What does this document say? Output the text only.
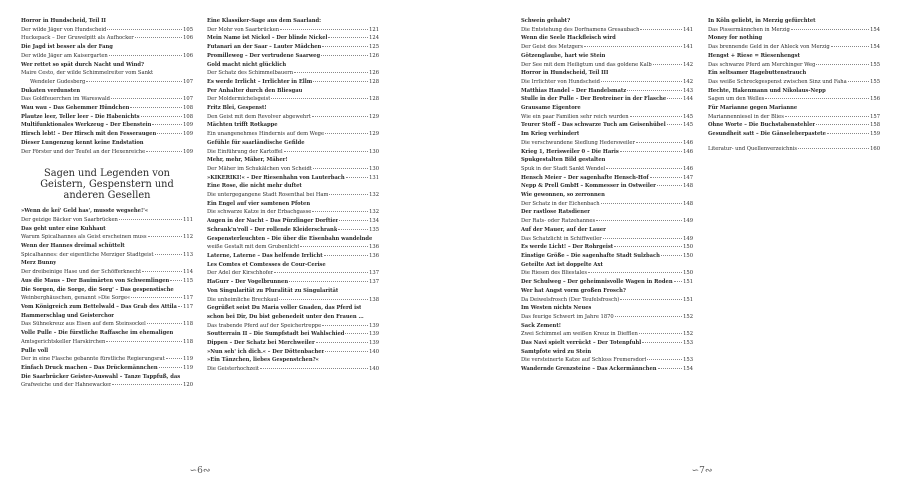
Horror in Hundscheid, Teil II
Der wilde Jäger von Hundscheid	105
Huckepack – Der Gruwelpitt als Aufhocker	106
Die Jagd ist besser als der Fang
Der wilde Jäger am Kaisergarten	106
Wer rettet so spät durch Nacht und Wind?
Maire Cesto, der wilde Schimmelreiter vom Sankt
Wendeler Gudesberg	107
Dukaten verdunsten
Das Goldfeuerchen im Wareswald	107
Wau wau – Das Gehemmer Hündchen	108
Plautze leer, Teller leer – Die Habenichts	108
Multifunktionales Werkzeug – Der Ebenstein	109
Hirsch lebt! – Der Hirsch mit den Fesseraugen	109
Dieser Lungenzug kennt keine Endstation
Der Förster und der Teufel an der Hexenreiche	109
Sagen und Legenden von Geistern, Gespenstern und anderen Gesellen
»Wenn de kei' Geld has', musste wegsehe!'«
Der geizige Bäcker von Saarbrücken	111
Das geht unter eine Kuhhaut
Warum Spicalhannes als Geist erscheinen muss	112
Wenn der Hannes dreimal schüttelt
Spicalhannes: der eigentliche Merziger Stadtgeist	113
Merz Bunny
Der dreibeinige Hase und der Schöfferknecht	114
Aus die Maus – Der Bauimärten von Schwemlingen	115
Die Sorgen, die Sorge, die Sorg' – Das gespenstische
Weinberghäuschen, genannt »Die Sorge«	117
Vom Königreich zum Bettelwald – Das Grab des Attila 117
Hammerschlag und Geisterchor
Das Sühnekreuz aus Eisen auf dem Steinsockel	118
Volle Pulle – Die fürstliche Raffasche im ehemaligen
Amtsgerichtskeller Harskirchen	118
Pulle voll
Der in eine Flasche gebannte fürstliche Regierungsrat	119
Einfach Druck machen – Das Drückemännchen	119
Die Saarbrücker Geister-Auswahl – Tanze Tappfuß, das
Grafweiche und der Hahnewacker	120
Eine Klassiker-Sage aus dem Saarland:
Der Mohr von Saarbrücken	121
Mein Name ist Nickel – Der blinde Nickel	124
Futanari an der Saar – Lauter Mädchen	125
Promilleweg – Der vertrudene Saarweg	126
Gold macht nicht glücklich
Der Schatz des Schimmelbauern	126
Es werde Irrlicht – Irrlichter in Ellm	128
Per Anhalter durch den Bliesgau
Der Moldermichelsgeist	128
Fritz Blei, Gespenst!
Den Geist mit dem Revolver abgewehrt	129
Mächten trifft Rotkappe
Ein unangenehmes Hindernis auf dem Wege	129
Gefühle für saarländische Gefilde
Die Einführung der Kartoffel	130
Mehr, mehr, Mäher, Mäher!
Der Mäher im Schukälchen von Scheidt	130
»KIKERIKI!« – Der Riesenhahn von Lauterbach	131
Eine Rose, die nicht mehr duftet
Die untergegangene Stadt Rosenthal bei Ham	132
Ein Engel auf vier samtenen Pfoten
Die schwarze Katze in der Erbachgasse	132
Augen in der Nacht – Das Pürzlinger Dorftier	134
Schrank'n'roll – Der rollende Kleiderschrank	135
Gespensterleuchten – Die über die Eisenbahn wandelnde
weiße Gestalt mit dem Grubenlicht	136
Laterne, Laterne – Das helfende Irrlicht	136
Les Comtes et Comtesses de Cour-Cerise
Der Adel der Kirschhofer	137
HaGurr – Der Vogelbrunnen	137
Von Singularität zu Pluralität zu Singularität
Die unheimliche Brechkaul	138
Gegrüßet seist Du Maria voller Gnaden, das Pferd ist
schon bei Dir, Du bist gebenedeit unter den Frauen …
Das trabende Pferd auf der Speichertreppe	139
Soutterrain II – Die Sumpfstadt bei Wahlschied	139
Dippen – Der Schatz bei Merchweiler	139
»Nun seh' ich dich.« – Der Döttenbacher	140
»Ein Tänzchen, liebes Gespenstchen?«
Die Geisterhochzeit	140
∽6∾
Schwein gehabt?
Die Entstehung des Dorfnamens Gresaubach	141
Wenn die Seele Hackfleisch wird
Der Geist des Metzgers	141
Götzenglaube, hart wie Stein
Der See mit dem Heiligtum und das goldene Kalb	142
Horror in Hundscheid, Teil III
Die Irrlichter von Hundscheid	142
Matthias Handel – Der Handelsmatz	143
Stulle in der Pulle – Der Brotreiner in der Flasche	144
Grausame Eigentore
Wie ein paar Familien sehr reich wurden	145
Teurer Stoff – Das schwarze Tuch am Geisenhübel	145
Im Krieg verhindert
Die verschwundene Siedlung Hedersweiler	146
Krieg 1, Herisweiler 0 – Die Haris	146
Spukgestalten Bild gestalten
Spuk in der Stadt Sankt Wendel	146
Hensch Meier – Der sagenhafte Hensch-Hof	147
Nepp & Prell GmbH – Kommesser in Ostweiler	148
Wie gewonnen, so zerronnen
Der Schatz in der Eichenbach	148
Der rastlose Ratsdiener
Der Rats- oder Ratzehannes	149
Auf der Mauer, auf der Lauer
Das Schatzlicht in Schiffweiler	149
Es werde Licht! – Der Rohrgeist	150
Einstige Größe – Die sagenhafte Stadt Sulzbach	150
Geteilte Axt ist doppelte Axt
Die Riesen des Bliestales	150
Der Schulweg – Der geheimnisvolle Wagen in Roden 151
Wer hat Angst vorm großen Frosch?
Da Deiwelsfrosch (Der Teufelsfrosch)	151
Im Westen nichts Neues
Das feurige Schwert im Jahre 1870	152
Sack Zement!
Zwei Schimmel am weißen Kreuz in Diefflen	152
Das Navi spielt verrückt – Der Totenpfuhl	153
Samtpfote wird zu Stein
Die versteinerte Katze auf Schloss Fremersdorf	153
Wandernde Grenzsteine – Das Ackermännchen	154
In Köln geliebt, in Merzig gefürchtet
Das Pissermännchen in Merzig	154
Money for nothing
Das brennende Geld in der Ahleck von Merzig	154
Hengst + Riese = Riesenhengst
Das schwarze Pferd am Merchinger Weg	155
Ein seltsamer Hagebuttenstrauch
Das weiße Schreckgespenst zwischen Sinz und Faha	155
Hechte, Hakenmann und Nikolaus-Nepp
Sagen um den Welles	156
Für Marianne gegen Marianne
Mariannenniesel in der Blies	157
Ohne Worte – Die Buchstabenstehler	158
Gesundheit satt – Die Gänseleberpastete	159
Literatur- und Quellenverzeichnis	160
∽7∾
